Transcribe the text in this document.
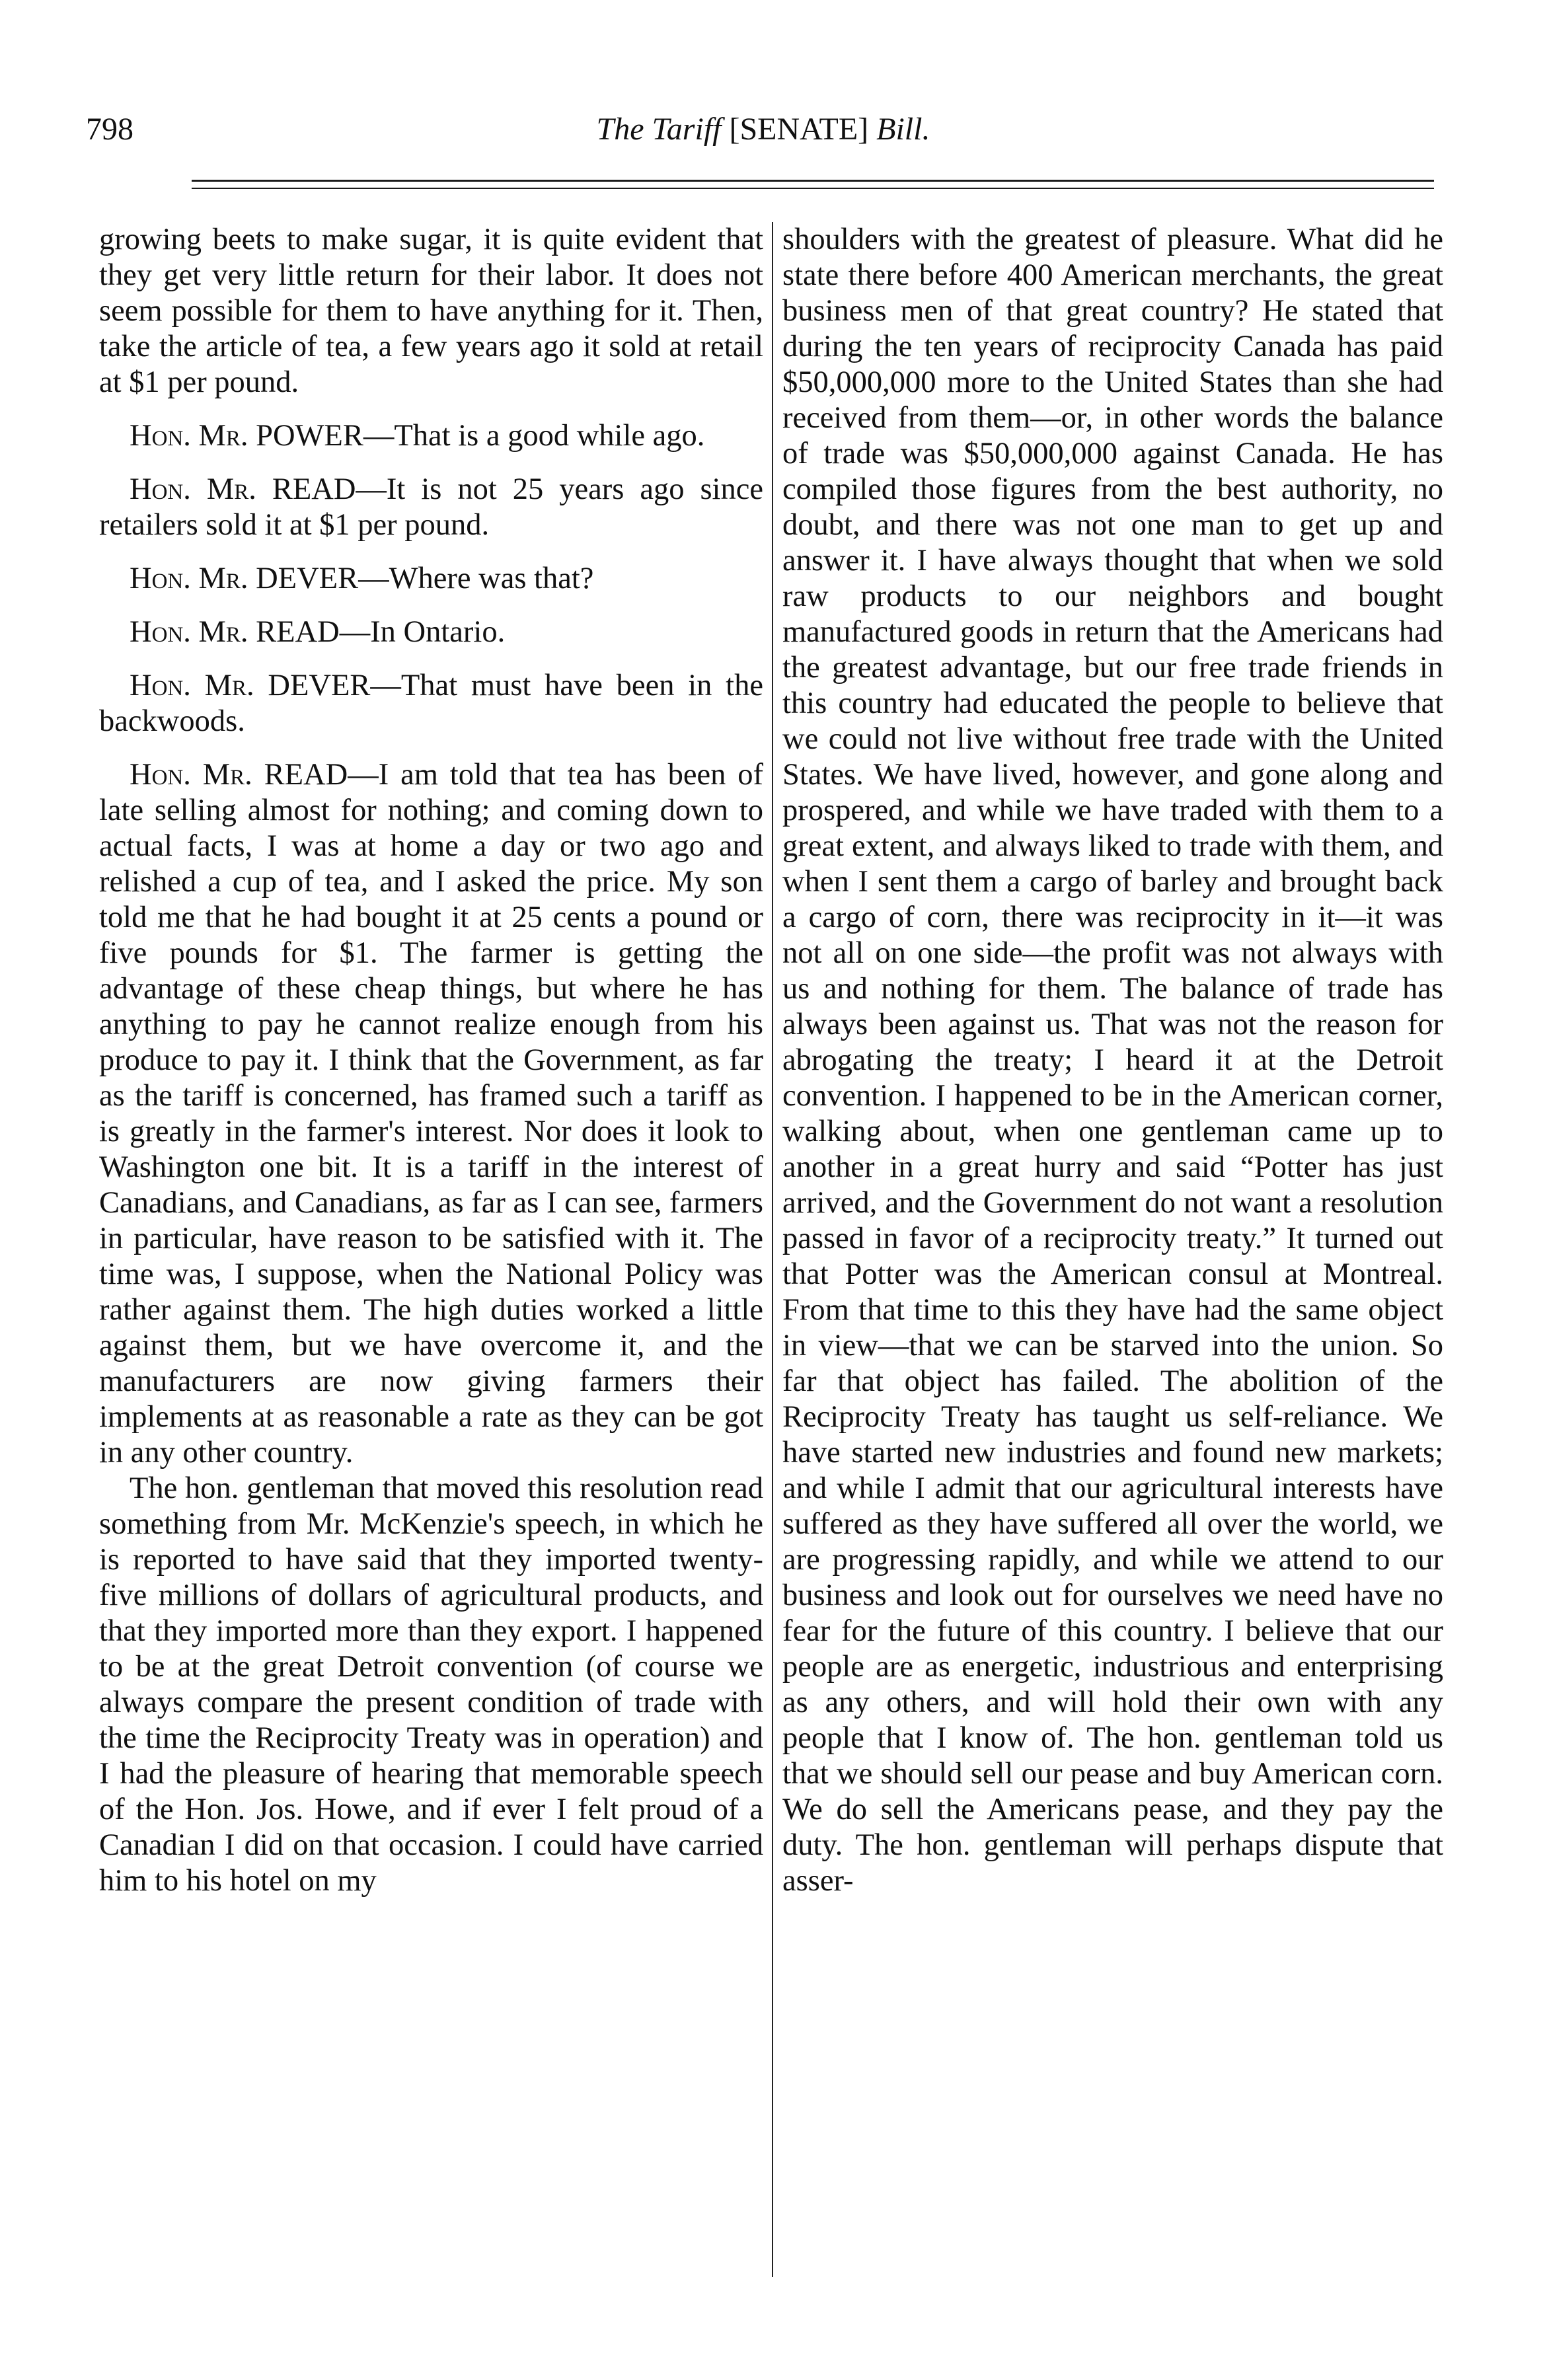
798	The Tariff [SENATE] Bill.

growing beets to make sugar, it is quite evident that they get very little return for their labor. It does not seem possible for them to have anything for it. Then, take the article of tea, a few years ago it sold at retail at $1 per pound.

Hon. Mr. POWER—That is a good while ago.

Hon. Mr. READ—It is not 25 years ago since retailers sold it at $1 per pound.

Hon. Mr. DEVER—Where was that?

Hon. Mr. READ—In Ontario.

Hon. Mr. DEVER—That must have been in the backwoods.

Hon. Mr. READ—I am told that tea has been of late selling almost for nothing; and coming down to actual facts, I was at home a day or two ago and relished a cup of tea, and I asked the price. My son told me that he had bought it at 25 cents a pound or five pounds for $1. The farmer is getting the advantage of these cheap things, but where he has anything to pay he cannot realize enough from his produce to pay it. I think that the Government, as far as the tariff is concerned, has framed such a tariff as is greatly in the farmer's interest. Nor does it look to Washington one bit. It is a tariff in the interest of Canadians, and Canadians, as far as I can see, farmers in particular, have reason to be satisfied with it. The time was, I suppose, when the National Policy was rather against them. The high duties worked a little against them, but we have overcome it, and the manufacturers are now giving farmers their implements at as reasonable a rate as they can be got in any other country.

The hon. gentleman that moved this resolution read something from Mr. McKenzie's speech, in which he is reported to have said that they imported twenty-five millions of dollars of agricultural products, and that they imported more than they export. I happened to be at the great Detroit convention (of course we always compare the present condition of trade with the time the Reciprocity Treaty was in operation) and I had the pleasure of hearing that memorable speech of the Hon. Jos. Howe, and if ever I felt proud of a Canadian I did on that occasion. I could have carried him to his hotel on my

shoulders with the greatest of pleasure. What did he state there before 400 American merchants, the great business men of that great country? He stated that during the ten years of reciprocity Canada has paid $50,000,000 more to the United States than she had received from them—or, in other words the balance of trade was $50,000,000 against Canada. He has compiled those figures from the best authority, no doubt, and there was not one man to get up and answer it. I have always thought that when we sold raw products to our neighbors and bought manufactured goods in return that the Americans had the greatest advantage, but our free trade friends in this country had educated the people to believe that we could not live without free trade with the United States. We have lived, however, and gone along and prospered, and while we have traded with them to a great extent, and always liked to trade with them, and when I sent them a cargo of barley and brought back a cargo of corn, there was reciprocity in it—it was not all on one side—the profit was not always with us and nothing for them. The balance of trade has always been against us. That was not the reason for abrogating the treaty; I heard it at the Detroit convention. I happened to be in the American corner, walking about, when one gentleman came up to another in a great hurry and said “Potter has just arrived, and the Government do not want a resolution passed in favor of a reciprocity treaty.” It turned out that Potter was the American consul at Montreal. From that time to this they have had the same object in view—that we can be starved into the union. So far that object has failed. The abolition of the Reciprocity Treaty has taught us self-reliance. We have started new industries and found new markets; and while I admit that our agricultural interests have suffered as they have suffered all over the world, we are progressing rapidly, and while we attend to our business and look out for ourselves we need have no fear for the future of this country. I believe that our people are as energetic, industrious and enterprising as any others, and will hold their own with any people that I know of. The hon. gentleman told us that we should sell our pease and buy American corn. We do sell the Americans pease, and they pay the duty. The hon. gentleman will perhaps dispute that asser-
